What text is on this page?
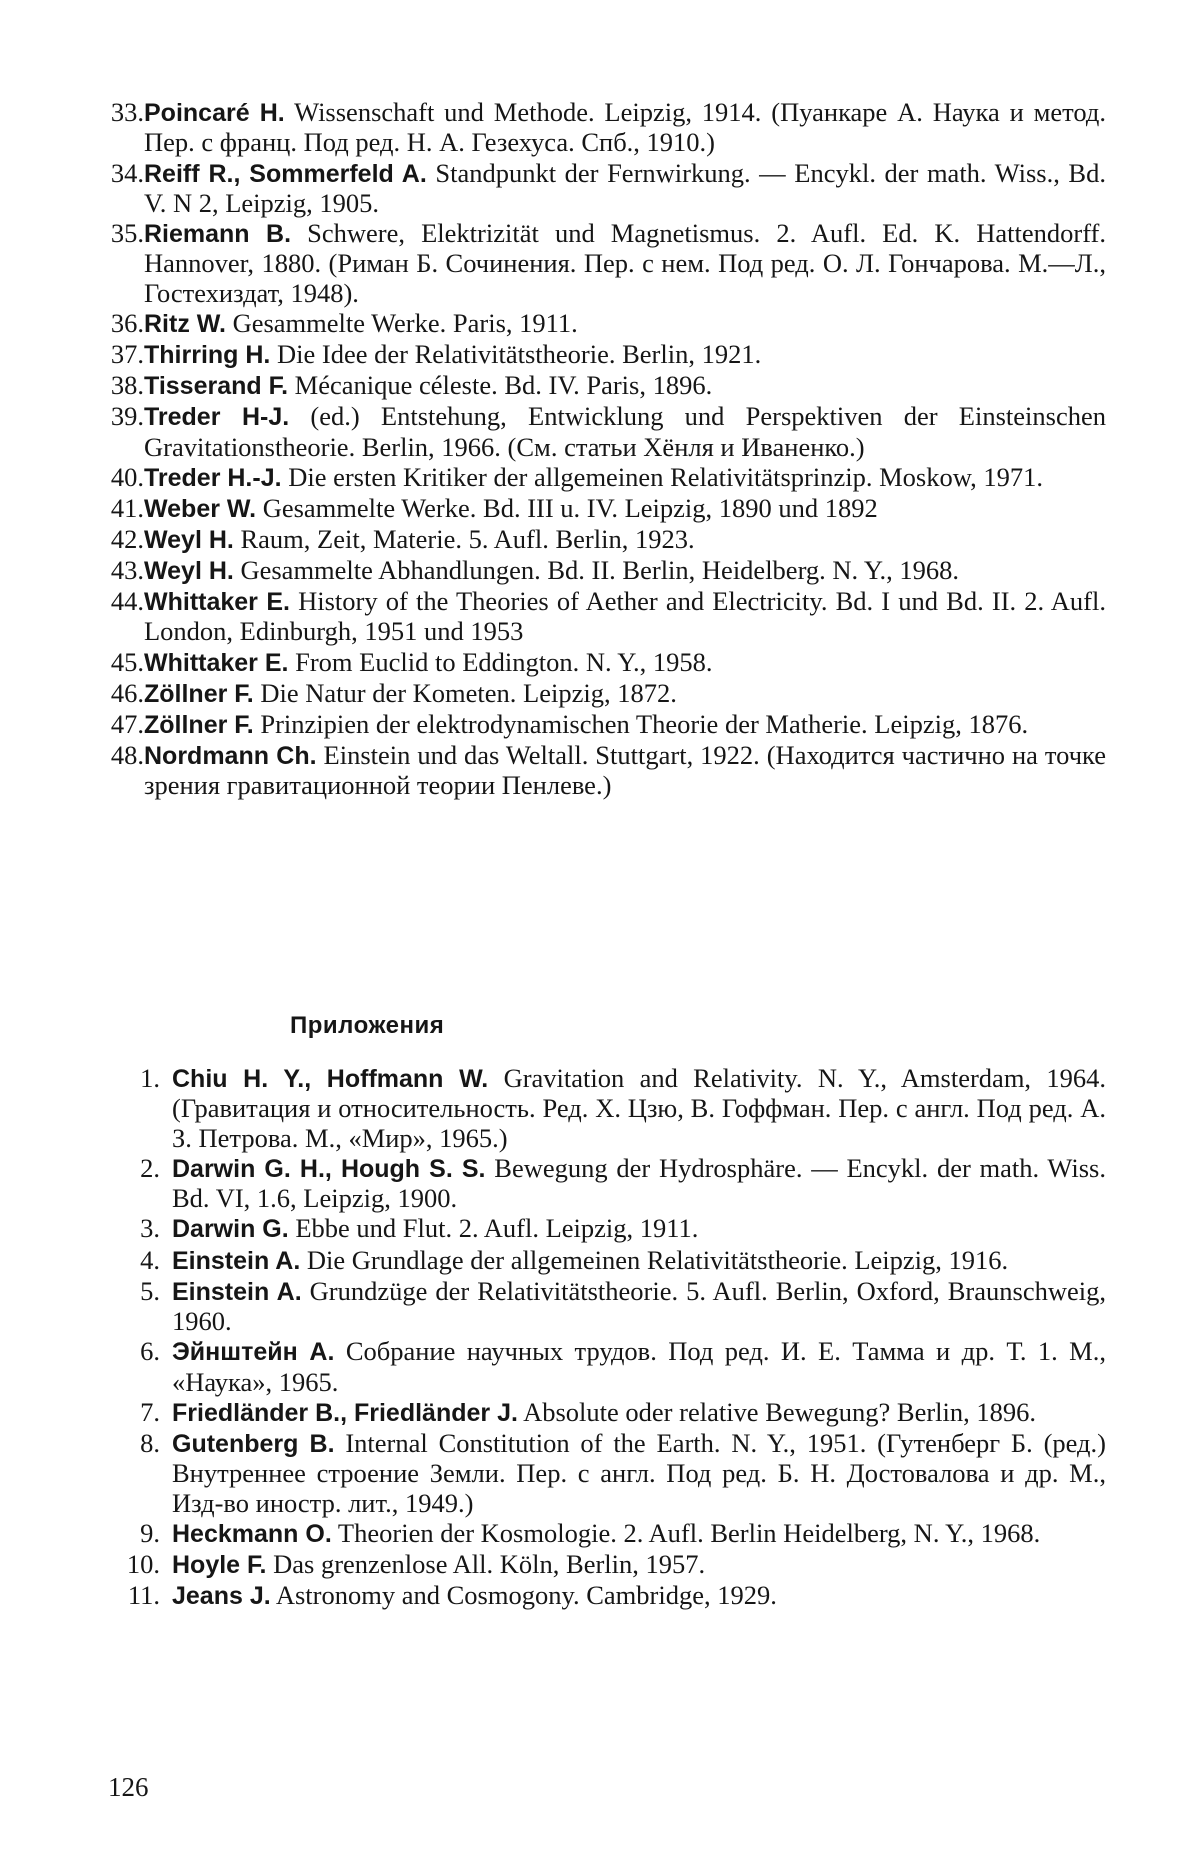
33. Poincaré H. Wissenschaft und Methode. Leipzig, 1914. (Пуанкаре А. Наука и метод. Пер. с франц. Под ред. Н. А. Гезехуса. Спб., 1910.)
34. Reiff R., Sommerfeld A. Standpunkt der Fernwirkung. — Encykl. der math. Wiss., Bd. V. N 2, Leipzig, 1905.
35. Riemann B. Schwere, Elektrizität und Magnetismus. 2. Aufl. Ed. K. Hattendorff. Hannover, 1880. (Риман Б. Сочинения. Пер. с нем. Под ред. О. Л. Гончарова. М.—Л., Гостехиздат, 1948).
36. Ritz W. Gesammelte Werke. Paris, 1911.
37. Thirring H. Die Idee der Relativitätstheorie. Berlin, 1921.
38. Tisserand F. Mécanique céleste. Bd. IV. Paris, 1896.
39. Treder H-J. (ed.) Entstehung, Entwicklung und Perspektiven der Einsteinschen Gravitationstheorie. Berlin, 1966. (См. статьи Хёнля и Иваненко.)
40. Treder H.-J. Die ersten Kritiker der allgemeinen Relativitätsprinzip. Moskow, 1971.
41. Weber W. Gesammelte Werke. Bd. III u. IV. Leipzig, 1890 und 1892
42. Weyl H. Raum, Zeit, Materie. 5. Aufl. Berlin, 1923.
43. Weyl H. Gesammelte Abhandlungen. Bd. II. Berlin, Heidelberg. N. Y., 1968.
44. Whittaker E. History of the Theories of Aether and Electricity. Bd. I und Bd. II. 2. Aufl. London, Edinburgh, 1951 und 1953
45. Whittaker E. From Euclid to Eddington. N. Y., 1958.
46. Zöllner F. Die Natur der Kometen. Leipzig, 1872.
47. Zöllner F. Prinzipien der elektrodynamischen Theorie der Matherie. Leipzig, 1876.
48. Nordmann Ch. Einstein und das Weltall. Stuttgart, 1922. (Находится частично на точке зрения гравитационной теории Пенлеве.)
Приложения
1. Chiu H. Y., Hoffmann W. Gravitation and Relativity. N. Y., Amsterdam, 1964. (Гравитация и относительность. Ред. Х. Цзю, В. Гоффман. Пер. с англ. Под ред. А. З. Петрова. М., «Мир», 1965.)
2. Darwin G. H., Hough S. S. Bewegung der Hydrosphäre. — Encykl. der math. Wiss. Bd. VI, 1.6, Leipzig, 1900.
3. Darwin G. Ebbe und Flut. 2. Aufl. Leipzig, 1911.
4. Einstein A. Die Grundlage der allgemeinen Relativitätstheorie. Leipzig, 1916.
5. Einstein A. Grundzüge der Relativitätstheorie. 5. Aufl. Berlin, Oxford, Braunschweig, 1960.
6. Эйнштейн А. Собрание научных трудов. Под ред. И. Е. Тамма и др. Т. 1. М., «Наука», 1965.
7. Friedländer B., Friedländer J. Absolute oder relative Bewegung? Berlin, 1896.
8. Gutenberg B. Internal Constitution of the Earth. N. Y., 1951. (Гутенберг Б. (ред.) Внутреннее строение Земли. Пер. с англ. Под ред. Б. Н. Достовалова и др. М., Изд-во иностр. лит., 1949.)
9. Heckmann O. Theorien der Kosmologie. 2. Aufl. Berlin Heidelberg, N. Y., 1968.
10. Hoyle F. Das grenzenlose All. Köln, Berlin, 1957.
11. Jeans J. Astronomy and Cosmogony. Cambridge, 1929.
126
